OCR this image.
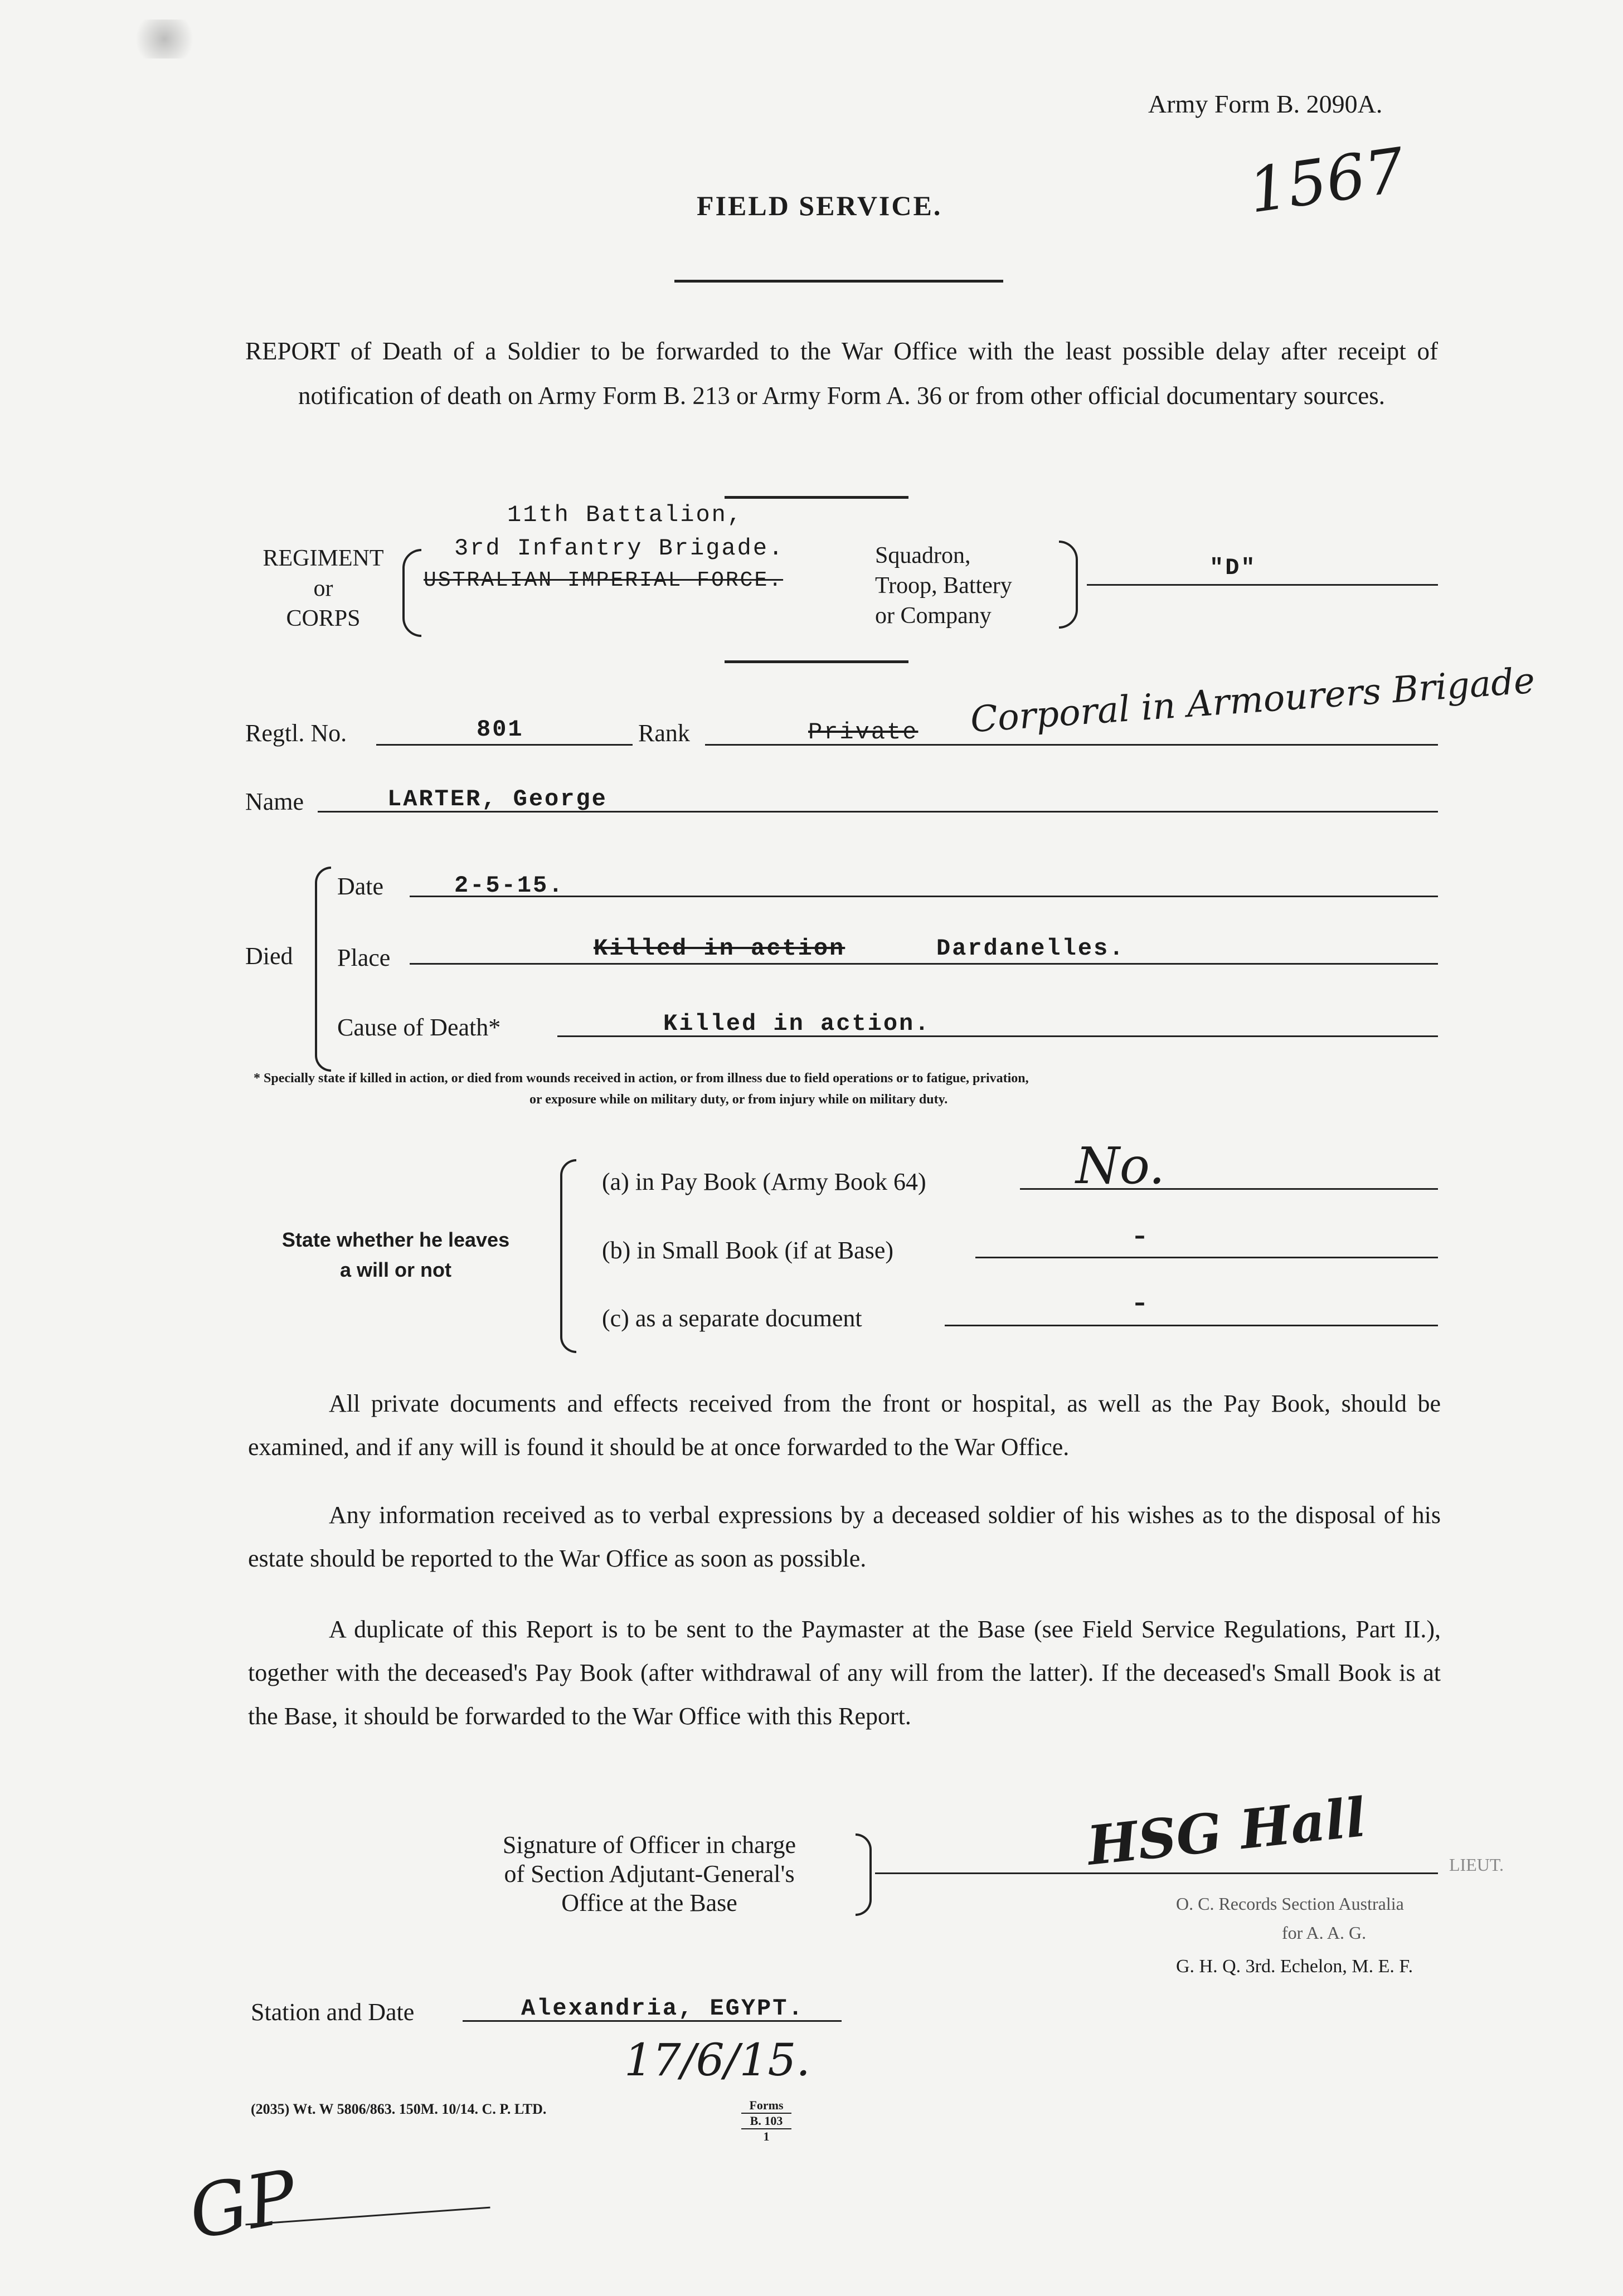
Army Form B. 2090A.
1567
FIELD SERVICE.
REPORT of Death of a Soldier to be forwarded to the War Office with the least possible delay after receipt of notification of death on Army Form B. 213 or Army Form A. 36 or from other official documentary sources.
REGIMENT
or
CORPS
11th Battalion,
3rd Infantry Brigade.
USTRALIAN IMPERIAL FORCE.
Squadron,
Troop, Battery
or Company
"D"
Regtl. No.	801	Rank	Private Corporal in Armourers Brigade
Name	LARTER, George
Died
Date	2-5-15.
Place	Killed in action	Dardanelles.
Cause of Death*	Killed in action.
* Specially state if killed in action, or died from wounds received in action, or from illness due to field operations or to fatigue, privation,
or exposure while on military duty, or from injury while on military duty.
State whether he leaves
a will or not
(a) in Pay Book (Army Book 64)	No.
(b) in Small Book (if at Base)	-
(c) as a separate document	-
All private documents and effects received from the front or hospital, as well as the Pay Book, should be examined, and if any will is found it should be at once forwarded to the War Office.
Any information received as to verbal expressions by a deceased soldier of his wishes as to the disposal of his estate should be reported to the War Office as soon as possible.
A duplicate of this Report is to be sent to the Paymaster at the Base (see Field Service Regulations, Part II.), together with the deceased's Pay Book (after withdrawal of any will from the latter). If the deceased's Small Book is at the Base, it should be forwarded to the War Office with this Report.
Signature of Officer in charge
of Section Adjutant-General's
Office at the Base
HSG Hall	LIEUT.
O. C. Records Section Australia
for A. A. G.
G. H. Q. 3rd. Echelon, M. E. F.
Station and Date	Alexandria, EGYPT.
17/6/15.
(2035) Wt. W 5806/863. 150M. 10/14. C. P. LTD.	Forms
B. 103
1
GP
